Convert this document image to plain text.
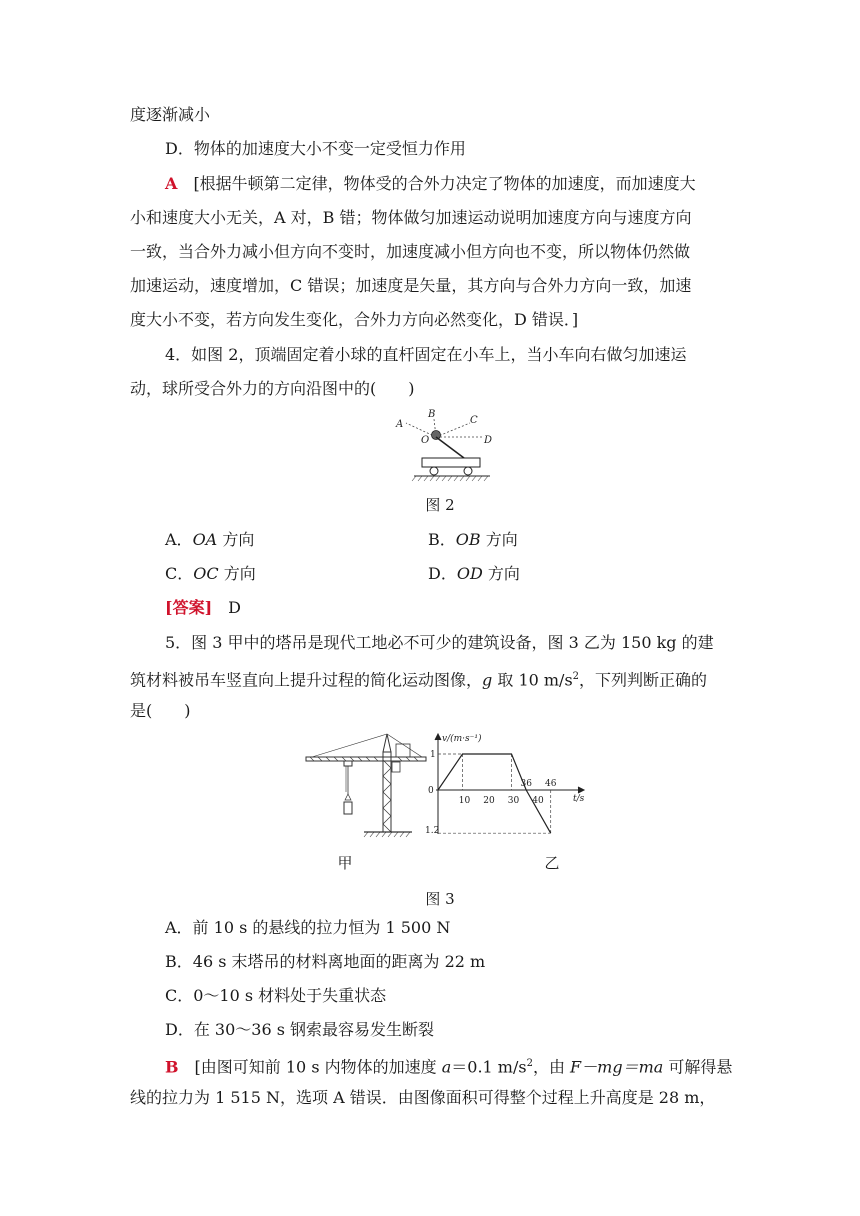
度逐渐减小
D．物体的加速度大小不变一定受恒力作用
A　 [根据牛顿第二定律，物体受的合外力决定了物体的加速度，而加速度大
小和速度大小无关，A 对，B 错；物体做匀加速运动说明加速度方向与速度方向
一致，当合外力减小但方向不变时，加速度减小但方向也不变，所以物体仍然做
加速运动，速度增加，C 错误；加速度是矢量，其方向与合外力方向一致，加速
度大小不变，若方向发生变化，合外力方向必然变化，D 错误．]
4．如图 2，顶端固定着小球的直杆固定在小车上，当小车向右做匀加速运
动，球所受合外力的方向沿图中的(　　)
A
B
C
O	D
图 2
A．OA 方向	B．OB 方向
C．OC 方向	D．OD 方向
[答案]　 D
5．图 3 甲中的塔吊是现代工地必不可少的建筑设备，图 3 乙为 150 kg 的建
筑材料被吊车竖直向上提升过程的简化运动图像，g 取 10 $m/s^2$，下列判断正确的
是(　　)
v/(m·s⁻¹)
t/s
0
1
1.2
10 20 30 40
36 46
甲	乙
图 3
A．前 10 s 的悬线的拉力恒为 1 500 N
B．46 s 末塔吊的材料离地面的距离为 22 m
C．0～10 s 材料处于失重状态
D．在 30～36 s 钢索最容易发生断裂
B　 [由图可知前 10 s 内物体的加速度 a＝0.1 $m/s^2$，由 F－mg＝ma 可解得悬
线的拉力为 1 515 N，选项 A 错误．由图像面积可得整个过程上升高度是 28 m，
